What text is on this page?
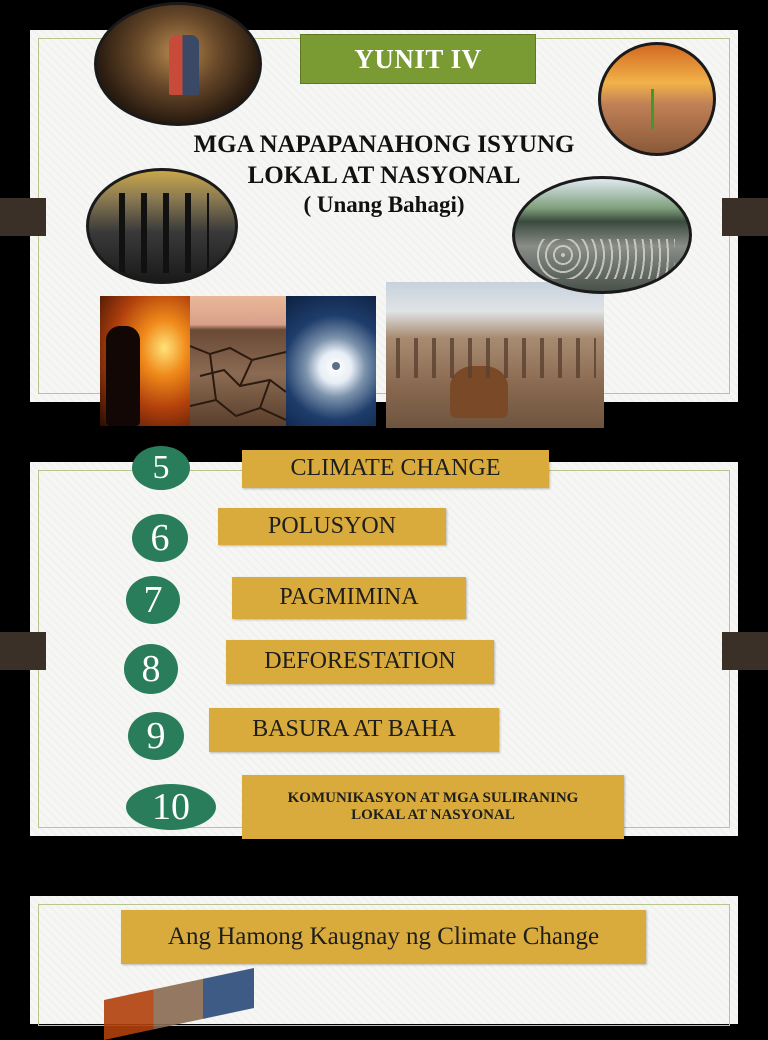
YUNIT IV
MGA NAPAPANAHONG ISYUNG
LOKAL AT NASYONAL
( Unang Bahagi)
5	CLIMATE CHANGE
6	POLUSYON
7	PAGMIMINA
8	DEFORESTATION
9	BASURA AT BAHA
10	KOMUNIKASYON AT MGA SULIRANING
LOKAL AT NASYONAL
Ang Hamong Kaugnay ng Climate Change
